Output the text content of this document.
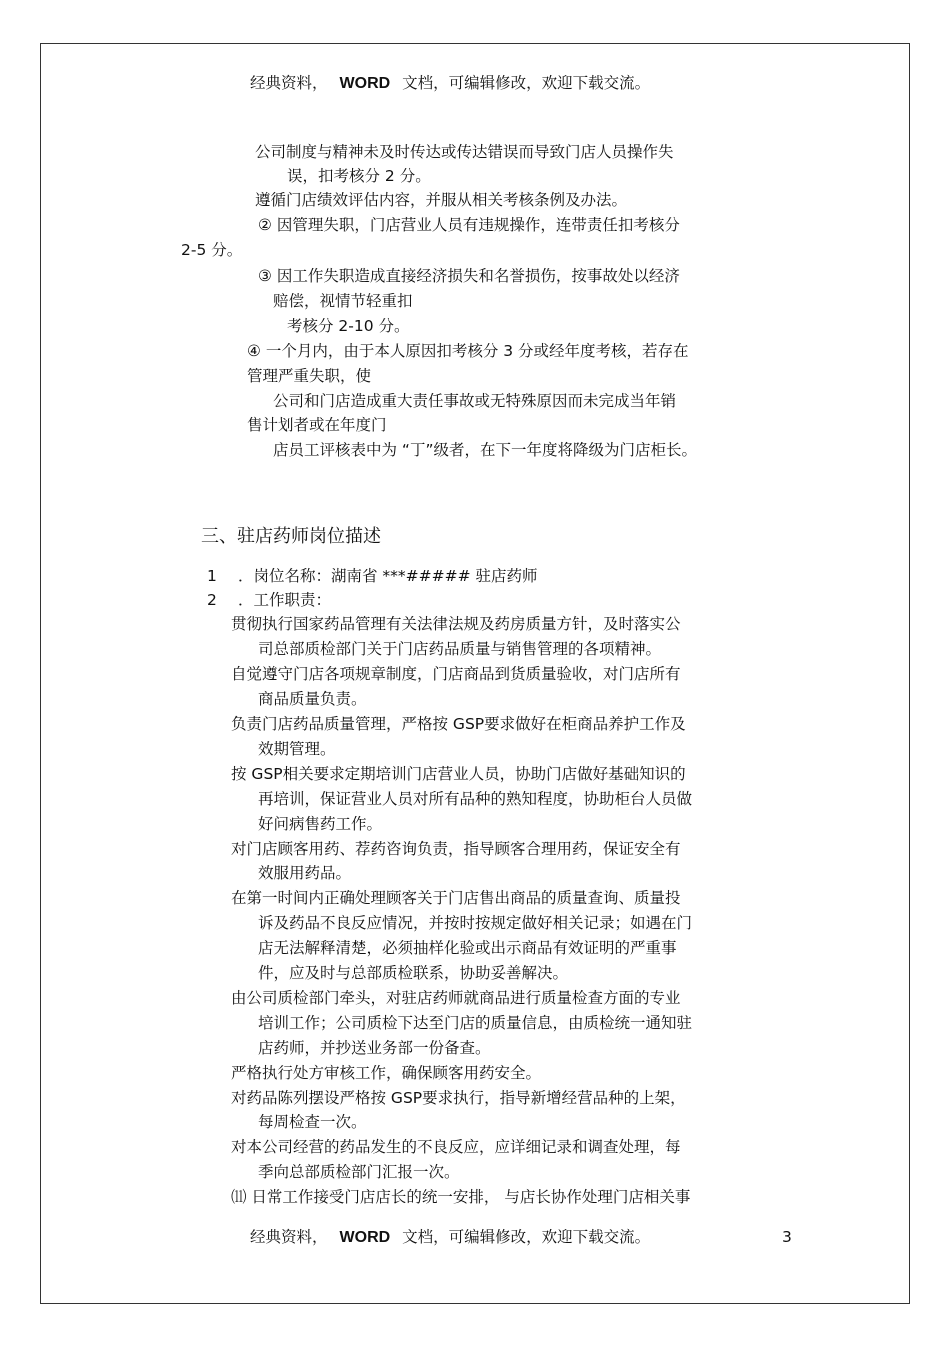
经典资料， WORD 文档，可编辑修改，欢迎下载交流。
公司制度与精神未及时传达或传达错误而导致门店人员操作失
误，扣考核分 2 分。
遵循门店绩效评估内容，并服从相关考核条例及办法。
② 因管理失职，门店营业人员有违规操作，连带责任扣考核分
2-5 分。
③ 因工作失职造成直接经济损失和名誉损伤，按事故处以经济
赔偿，视情节轻重扣
考核分 2-10 分。
④ 一个月内，由于本人原因扣考核分 3 分或经年度考核，若存在
管理严重失职，使
公司和门店造成重大责任事故或无特殊原因而未完成当年销
售计划者或在年度门
店员工评核表中为 “丁”级者，在下一年度将降级为门店柜长。
三、驻店药师岗位描述
1 ．岗位名称：湖南省 ***##### 驻店药师
2 ．工作职责：
贯彻执行国家药品管理有关法律法规及药房质量方针，及时落实公
司总部质检部门关于门店药品质量与销售管理的各项精神。
自觉遵守门店各项规章制度，门店商品到货质量验收，对门店所有
商品质量负责。
负责门店药品质量管理，严格按 GSP要求做好在柜商品养护工作及
效期管理。
按 GSP相关要求定期培训门店营业人员，协助门店做好基础知识的
再培训，保证营业人员对所有品种的熟知程度，协助柜台人员做
好问病售药工作。
对门店顾客用药、荐药咨询负责，指导顾客合理用药，保证安全有
效服用药品。
在第一时间内正确处理顾客关于门店售出商品的质量查询、质量投
诉及药品不良反应情况，并按时按规定做好相关记录；如遇在门
店无法解释清楚，必须抽样化验或出示商品有效证明的严重事
件，应及时与总部质检联系，协助妥善解决。
由公司质检部门牵头，对驻店药师就商品进行质量检查方面的专业
培训工作；公司质检下达至门店的质量信息，由质检统一通知驻
店药师，并抄送业务部一份备查。
严格执行处方审核工作，确保顾客用药安全。
对药品陈列摆设严格按 GSP要求执行，指导新增经营品种的上架，
每周检查一次。
对本公司经营的药品发生的不良反应，应详细记录和调查处理，每
季向总部质检部门汇报一次。
⑾ 日常工作接受门店店长的统一安排， 与店长协作处理门店相关事
经典资料， WORD 文档，可编辑修改，欢迎下载交流。	3
